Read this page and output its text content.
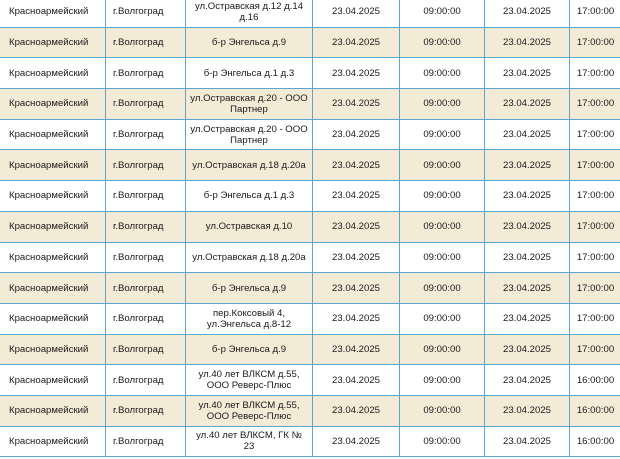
Красноармейский	г.Волгоград	ул.Остравская д.12 д.14 д.16	23.04.2025	09:00:00	23.04.2025	17:00:00
Красноармейский	г.Волгоград	б-р Энгельса д.9	23.04.2025	09:00:00	23.04.2025	17:00:00
Красноармейский	г.Волгоград	б-р Энгельса д.1 д.3	23.04.2025	09:00:00	23.04.2025	17:00:00
Красноармейский	г.Волгоград	ул.Остравская д.20 - ООО Партнер	23.04.2025	09:00:00	23.04.2025	17:00:00
Красноармейский	г.Волгоград	ул.Остравская д.20 - ООО Партнер	23.04.2025	09:00:00	23.04.2025	17:00:00
Красноармейский	г.Волгоград	ул.Остравская д.18 д.20а	23.04.2025	09:00:00	23.04.2025	17:00:00
Красноармейский	г.Волгоград	б-р Энгельса д.1 д.3	23.04.2025	09:00:00	23.04.2025	17:00:00
Красноармейский	г.Волгоград	ул.Остравская д.10	23.04.2025	09:00:00	23.04.2025	17:00:00
Красноармейский	г.Волгоград	ул.Остравская д.18 д.20а	23.04.2025	09:00:00	23.04.2025	17:00:00
Красноармейский	г.Волгоград	б-р Энгельса д.9	23.04.2025	09:00:00	23.04.2025	17:00:00
Красноармейский	г.Волгоград	пер.Коксовый 4, ул.Энгельса д.8-12	23.04.2025	09:00:00	23.04.2025	17:00:00
Красноармейский	г.Волгоград	б-р Энгельса д.9	23.04.2025	09:00:00	23.04.2025	17:00:00
Красноармейский	г.Волгоград	ул.40 лет ВЛКСМ д.55, ООО Реверс-Плюс	23.04.2025	09:00:00	23.04.2025	16:00:00
Красноармейский	г.Волгоград	ул.40 лет ВЛКСМ д.55, ООО Реверс-Плюс	23.04.2025	09:00:00	23.04.2025	16:00:00
Красноармейский	г.Волгоград	ул.40 лет ВЛКСМ, ГК № 23	23.04.2025	09:00:00	23.04.2025	16:00:00
